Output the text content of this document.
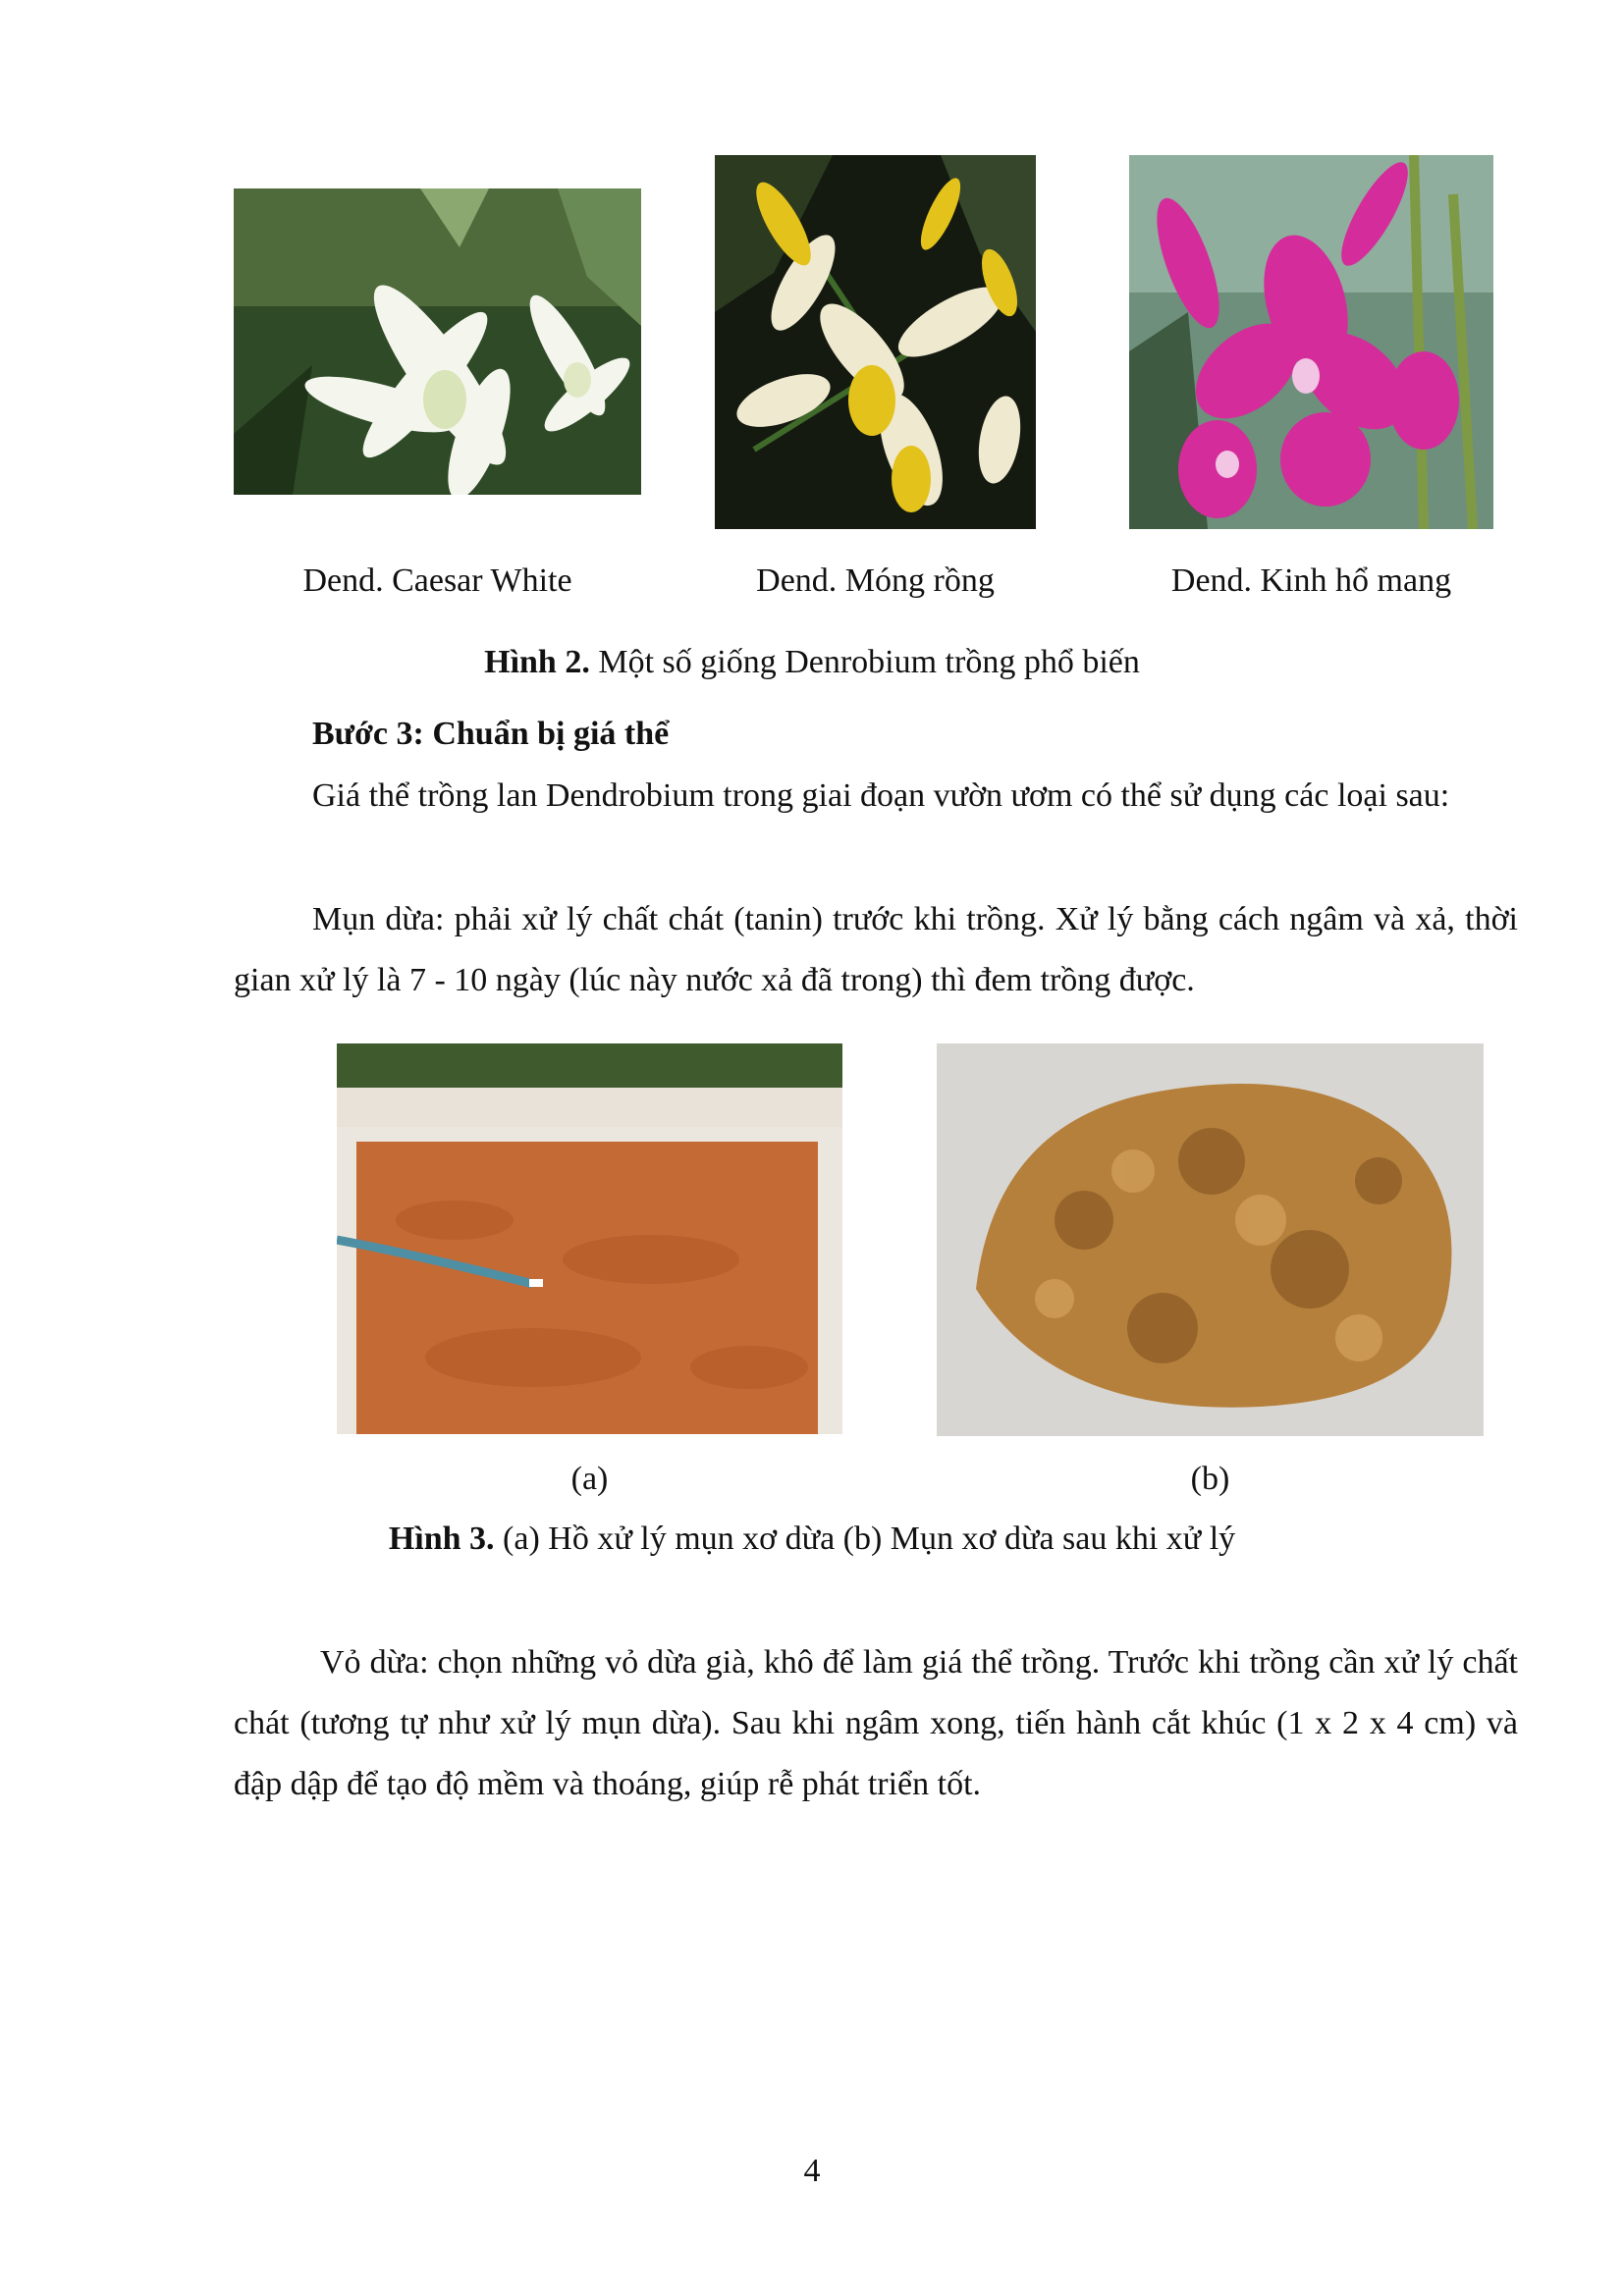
Dend. Caesar White	Dend. Móng rồng	Dend. Kinh hổ mang
Hình 2. Một số giống Denrobium trồng phổ biến
Bước 3: Chuẩn bị giá thể

Giá thể trồng lan Dendrobium trong giai đoạn vườn ươm có thể sử dụng các loại sau:

Mụn dừa: phải xử lý chất chát (tanin) trước khi trồng. Xử lý bằng cách ngâm và xả, thời gian xử lý là 7 - 10 ngày (lúc này nước xả đã trong) thì đem trồng được.

(a)	(b)
Hình 3. (a) Hồ xử lý mụn xơ dừa (b) Mụn xơ dừa sau khi xử lý

Vỏ dừa: chọn những vỏ dừa già, khô để làm giá thể trồng. Trước khi trồng cần xử lý chất chát (tương tự như xử lý mụn dừa). Sau khi ngâm xong, tiến hành cắt khúc (1 x 2 x 4 cm) và đập dập để tạo độ mềm và thoáng, giúp rễ phát triển tốt.

4
